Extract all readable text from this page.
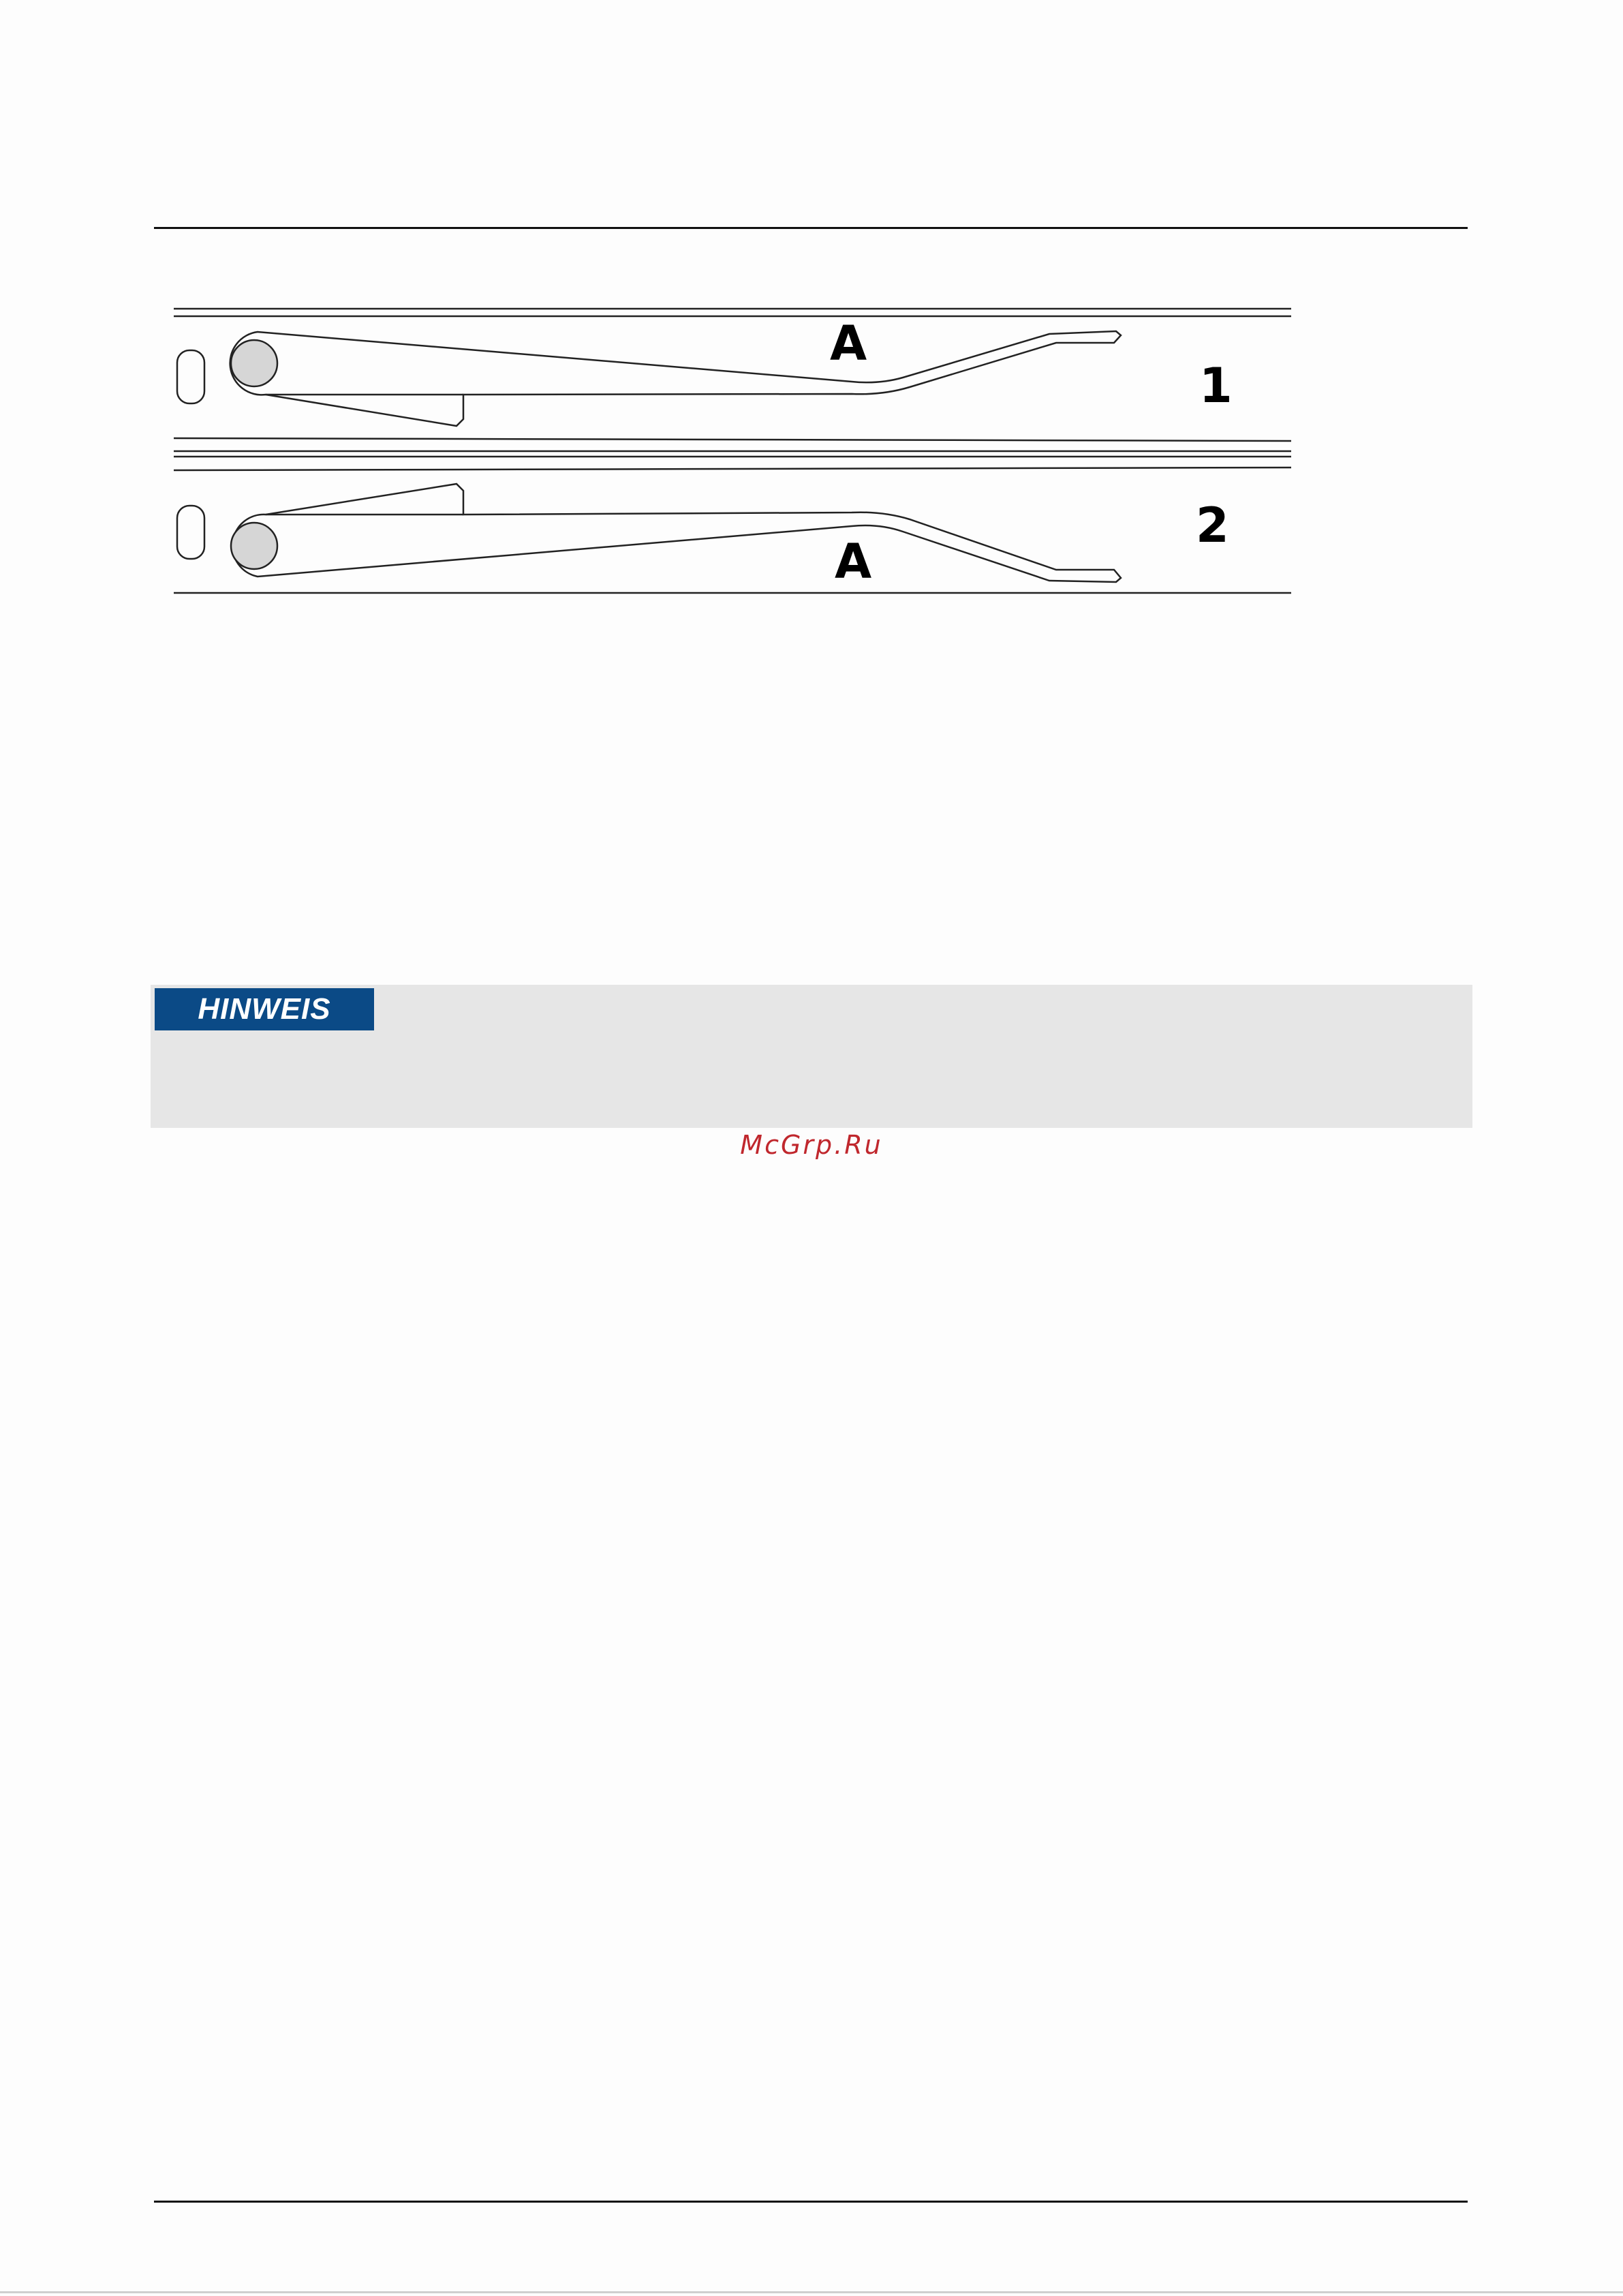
A
A
1
2
HINWEIS
McGrp.Ru
